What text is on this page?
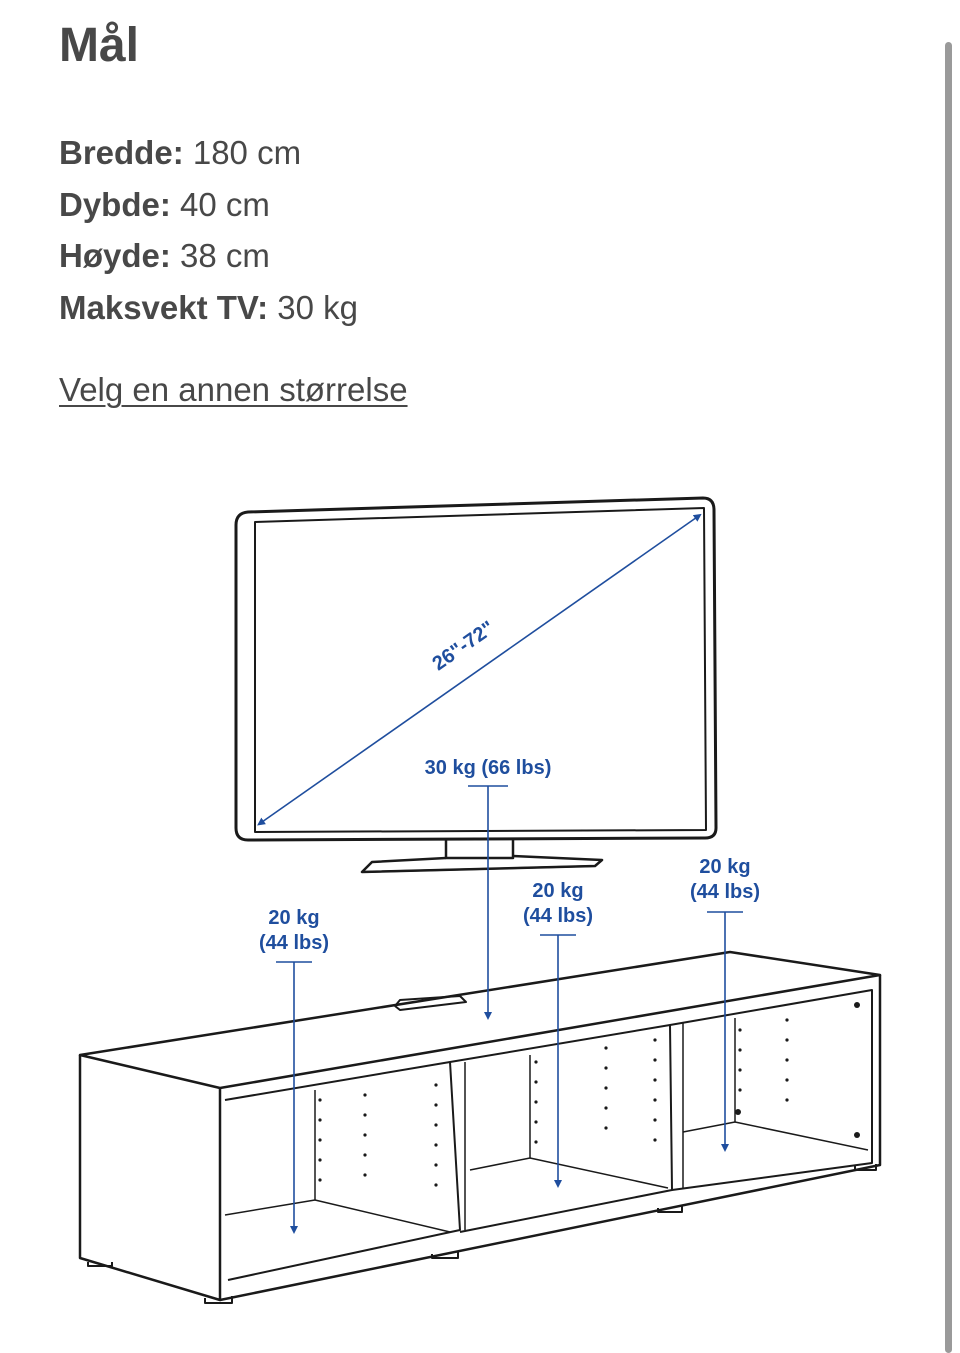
Mål
Bredde: 180 cm
Dybde: 40 cm
Høyde: 38 cm
Maksvekt TV: 30 kg
Velg en annen størrelse
26"-72"
30 kg (66 lbs)
20 kg
(44 lbs)
20 kg
(44 lbs)
20 kg
(44 lbs)
